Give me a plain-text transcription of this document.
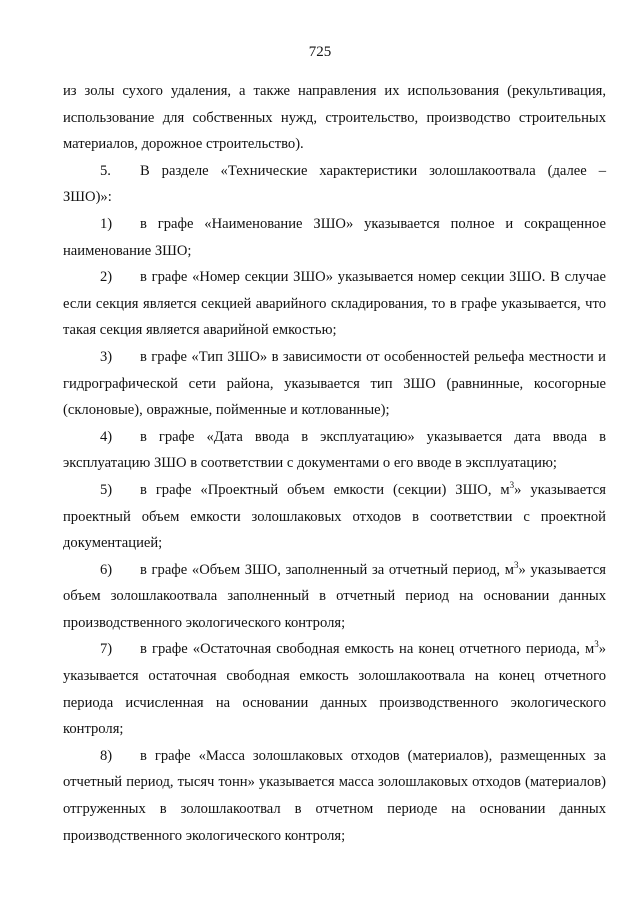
725

из золы сухого удаления, а также направления их использования (рекультивация, использование для собственных нужд, строительство, производство строительных материалов, дорожное строительство).

5. В разделе «Технические характеристики золошлакоотвала (далее – ЗШО)»:

1) в графе «Наименование ЗШО» указывается полное и сокращенное наименование ЗШО;

2) в графе «Номер секции ЗШО» указывается номер секции ЗШО. В случае если секция является секцией аварийного складирования, то в графе указывается, что такая секция является аварийной емкостью;

3) в графе «Тип ЗШО» в зависимости от особенностей рельефа местности и гидрографической сети района, указывается тип ЗШО (равнинные, косогорные (склоновые), овражные, пойменные и котлованные);

4) в графе «Дата ввода в эксплуатацию» указывается дата ввода в эксплуатацию ЗШО в соответствии с документами о его вводе в эксплуатацию;

5) в графе «Проектный объем емкости (секции) ЗШО, $м^3$» указывается проектный объем емкости золошлаковых отходов в соответствии с проектной документацией;

6) в графе «Объем ЗШО, заполненный за отчетный период, $м^3$» указывается объем золошлакоотвала заполненный в отчетный период на основании данных производственного экологического контроля;

7) в графе «Остаточная свободная емкость на конец отчетного периода, $м^3$» указывается остаточная свободная емкость золошлакоотвала на конец отчетного периода исчисленная на основании данных производственного экологического контроля;

8) в графе «Масса золошлаковых отходов (материалов), размещенных за отчетный период, тысяч тонн» указывается масса золошлаковых отходов (материалов) отгруженных в золошлакоотвал в отчетном периоде на основании данных производственного экологического контроля;
